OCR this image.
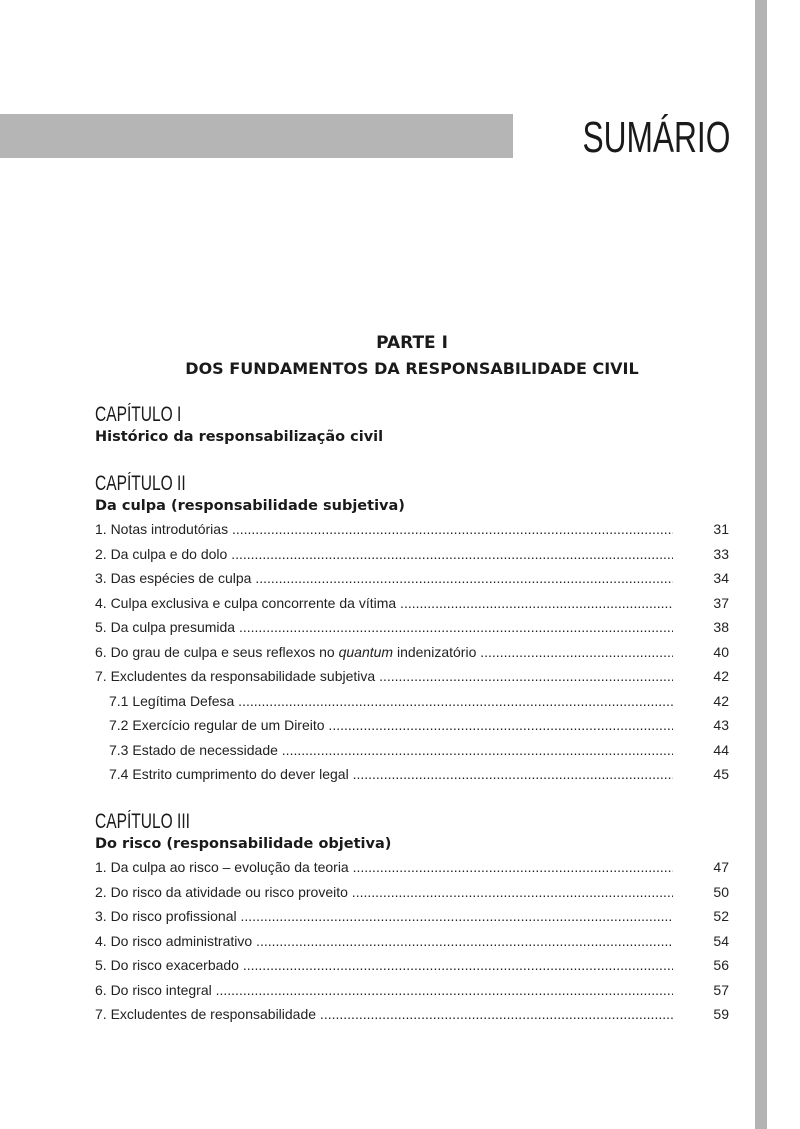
SUMÁRIO
PARTE I
DOS FUNDAMENTOS DA RESPONSABILIDADE CIVIL
CAPÍTULO I
Histórico da responsabilização civil
CAPÍTULO II
Da culpa (responsabilidade subjetiva)
1. Notas introdutórias .....	31
2. Da culpa e do dolo .....	33
3. Das espécies de culpa .....	34
4. Culpa exclusiva e culpa concorrente da vítima .....	37
5. Da culpa presumida .....	38
6. Do grau de culpa e seus reflexos no quantum indenizatório .....	40
7. Excludentes da responsabilidade subjetiva .....	42
7.1 Legítima Defesa .....	42
7.2 Exercício regular de um Direito .....	43
7.3 Estado de necessidade .....	44
7.4 Estrito cumprimento do dever legal .....	45
CAPÍTULO III
Do risco (responsabilidade objetiva)
1. Da culpa ao risco – evolução da teoria .....	47
2. Do risco da atividade ou risco proveito .....	50
3. Do risco profissional .....	52
4. Do risco administrativo .....	54
5. Do risco exacerbado .....	56
6. Do risco integral .....	57
7. Excludentes de responsabilidade .....	59
